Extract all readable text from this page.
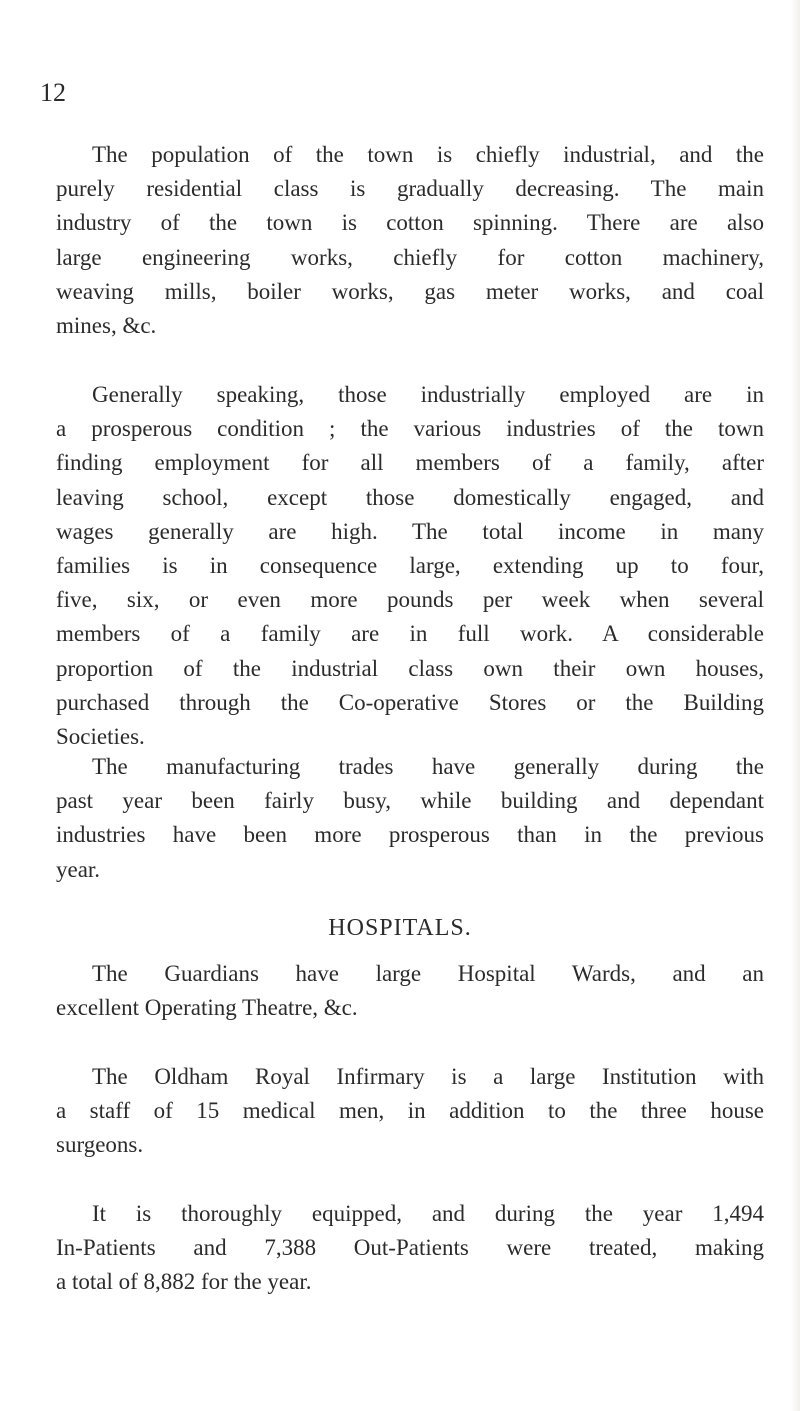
12

The population of the town is chiefly industrial, and the
purely residential class is gradually decreasing. The main
industry of the town is cotton spinning. There are also
large engineering works, chiefly for cotton machinery,
weaving mills, boiler works, gas meter works, and coal
mines, &c.

Generally speaking, those industrially employed are in
a prosperous condition ; the various industries of the town
finding employment for all members of a family, after
leaving school, except those domestically engaged, and
wages generally are high. The total income in many
families is in consequence large, extending up to four,
five, six, or even more pounds per week when several
members of a family are in full work. A considerable
proportion of the industrial class own their own houses,
purchased through the Co-operative Stores or the Building
Societies.

The manufacturing trades have generally during the
past year been fairly busy, while building and dependant
industries have been more prosperous than in the previous
year.

HOSPITALS.

The Guardians have large Hospital Wards, and an
excellent Operating Theatre, &c.

The Oldham Royal Infirmary is a large Institution with
a staff of 15 medical men, in addition to the three house
surgeons.

It is thoroughly equipped, and during the year 1,494
In-Patients and 7,388 Out-Patients were treated, making
a total of 8,882 for the year.
